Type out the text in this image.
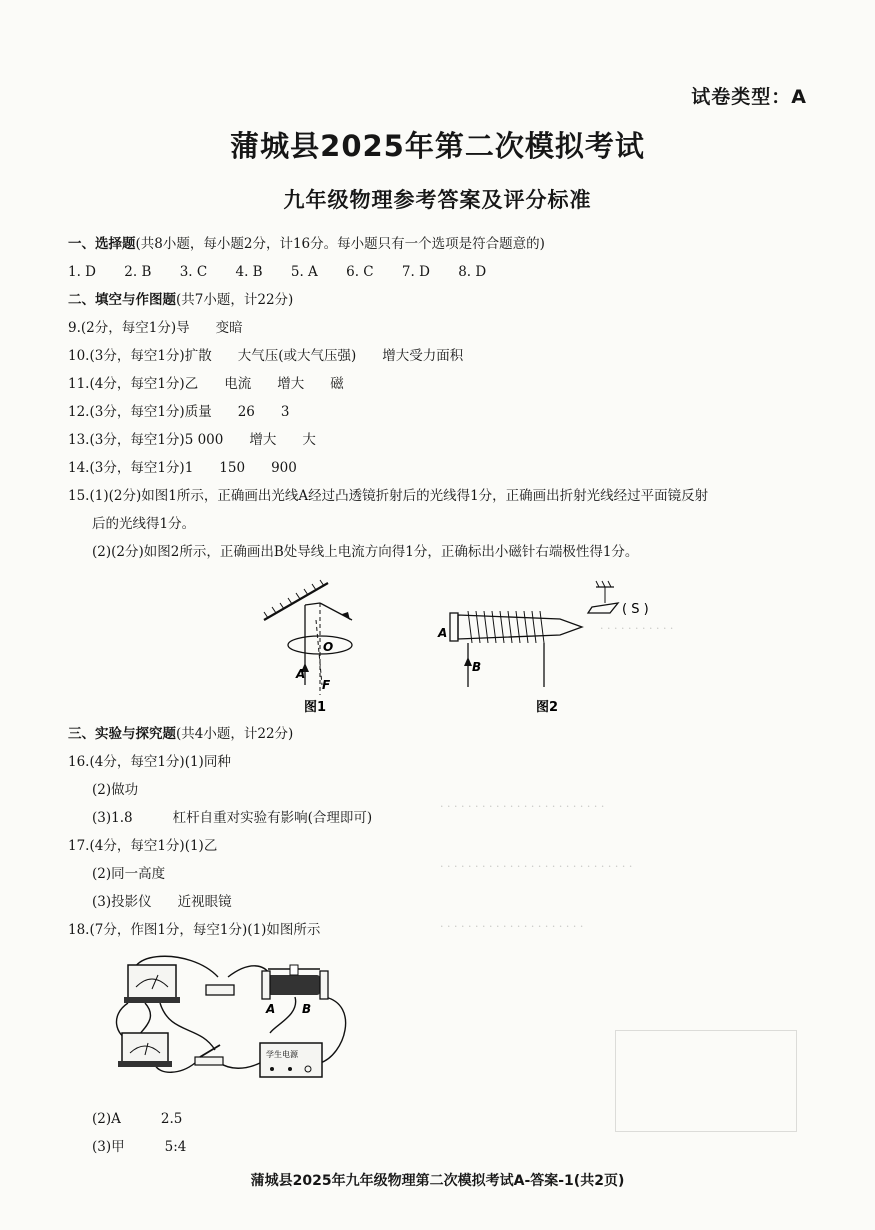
· · · · · · · · · · ·
· · · · · · · · · · · · · · · · · · · · · · · ·
· · · · · · · · · · · · · · · · · · · · · · · · · · · ·
· · · · · · · · · · · · · · · · · · · · ·
试卷类型：A
蒲城县2025年第二次模拟考试
九年级物理参考答案及评分标准
一、选择题(共8小题，每小题2分，计16分。每小题只有一个选项是符合题意的)
1. D 2. B 3. C 4. B 5. A 6. C 7. D 8. D
二、填空与作图题(共7小题，计22分)
9.(2分，每空1分)导 变暗
10.(3分，每空1分)扩散 大气压(或大气压强) 增大受力面积
11.(4分，每空1分)乙 电流 增大 磁
12.(3分，每空1分)质量 26 3
13.(3分，每空1分)5 000 增大 大
14.(3分，每空1分)1 150 900
15.(1)(2分)如图1所示，正确画出光线A经过凸透镜折射后的光线得1分，正确画出折射光线经过平面镜反射
后的光线得1分。
(2)(2分)如图2所示，正确画出B处导线上电流方向得1分，正确标出小磁针右端极性得1分。
O
A
F
图1
A
B
( S )
图2
三、实验与探究题(共4小题，计22分)
16.(4分，每空1分)(1)同种
(2)做功
(3)1.8	杠杆自重对实验有影响(合理即可)
17.(4分，每空1分)(1)乙
(2)同一高度
(3)投影仪 近视眼镜
18.(7分，作图1分，每空1分)(1)如图所示
A B
学生电源
(2)A	2.5
(3)甲	5:4
蒲城县2025年九年级物理第二次模拟考试A-答案-1(共2页)
